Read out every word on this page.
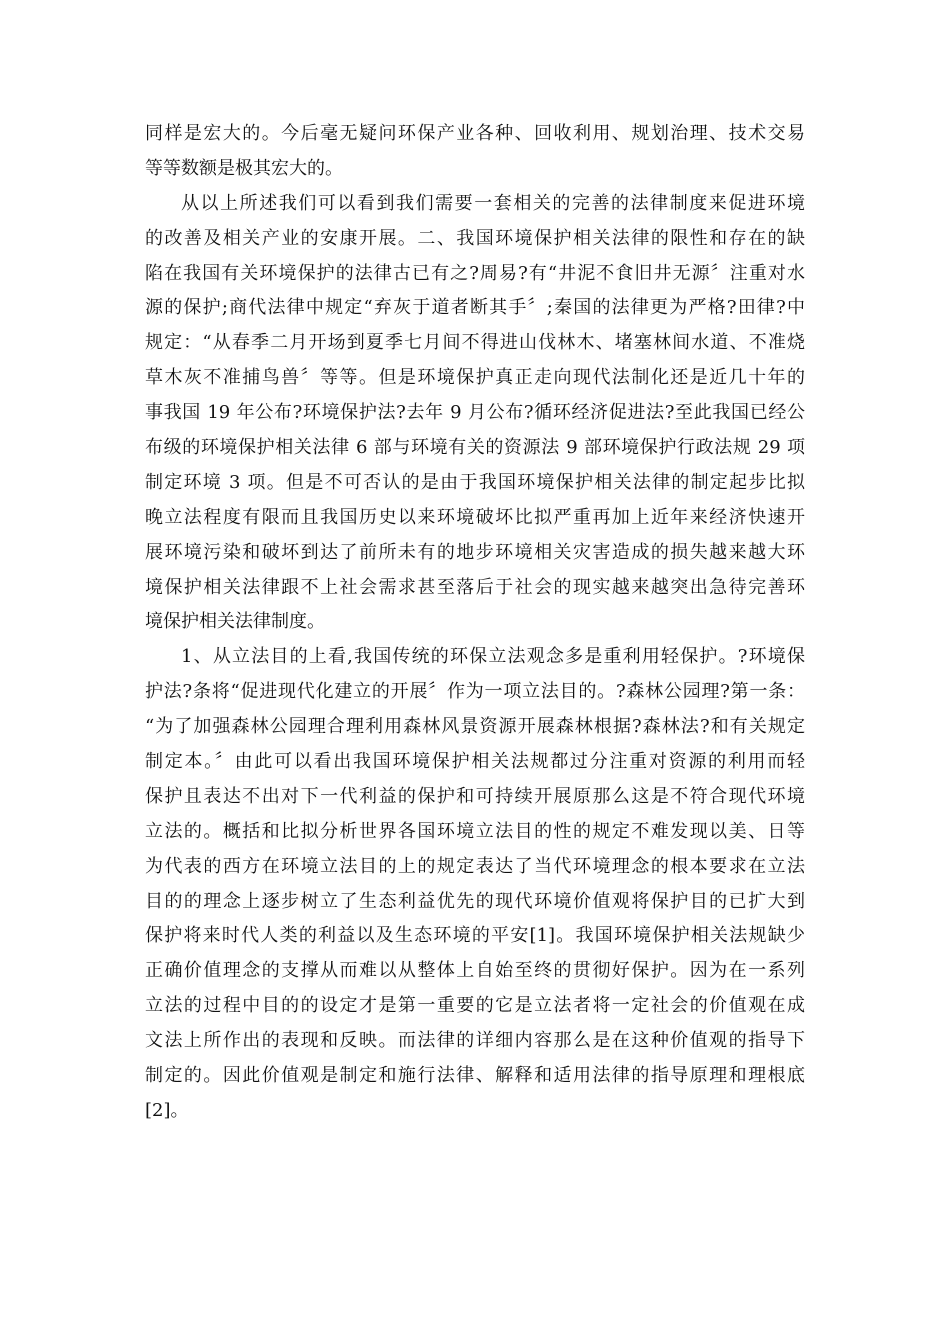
同样是宏大的。今后毫无疑问环保产业各种、回收利用、规划治理、技术交易
等等数额是极其宏大的。
从以上所述我们可以看到我们需要一套相关的完善的法律制度来促进环境
的改善及相关产业的安康开展。二、我国环境保护相关法律的限性和存在的缺
陷在我国有关环境保护的法律古已有之?周易?有“井泥不食旧井无源〞注重对水
源的保护;商代法律中规定“弃灰于道者断其手〞;秦国的法律更为严格?田律?中
规定：“从春季二月开场到夏季七月间不得进山伐林木、堵塞林间水道、不准烧
草木灰不准捕鸟兽〞等等。但是环境保护真正走向现代法制化还是近几十年的
事我国 19 年公布?环境保护法?去年 9 月公布?循环经济促进法?至此我国已经公
布级的环境保护相关法律 6 部与环境有关的资源法 9 部环境保护行政法规 29 项
制定环境 3 项。但是不可否认的是由于我国环境保护相关法律的制定起步比拟
晚立法程度有限而且我国历史以来环境破坏比拟严重再加上近年来经济快速开
展环境污染和破坏到达了前所未有的地步环境相关灾害造成的损失越来越大环
境保护相关法律跟不上社会需求甚至落后于社会的现实越来越突出急待完善环
境保护相关法律制度。
1、从立法目的上看,我国传统的环保立法观念多是重利用轻保护。?环境保
护法?条将“促进现代化建立的开展〞作为一项立法目的。?森林公园理?第一条：
“为了加强森林公园理合理利用森林风景资源开展森林根据?森林法?和有关规定
制定本。〞由此可以看出我国环境保护相关法规都过分注重对资源的利用而轻
保护且表达不出对下一代利益的保护和可持续开展原那么这是不符合现代环境
立法的。概括和比拟分析世界各国环境立法目的性的规定不难发现以美、日等
为代表的西方在环境立法目的上的规定表达了当代环境理念的根本要求在立法
目的的理念上逐步树立了生态利益优先的现代环境价值观将保护目的已扩大到
保护将来时代人类的利益以及生态环境的平安[1]。我国环境保护相关法规缺少
正确价值理念的支撑从而难以从整体上自始至终的贯彻好保护。因为在一系列
立法的过程中目的的设定才是第一重要的它是立法者将一定社会的价值观在成
文法上所作出的表现和反映。而法律的详细内容那么是在这种价值观的指导下
制定的。因此价值观是制定和施行法律、解释和适用法律的指导原理和理根底
[2]。
